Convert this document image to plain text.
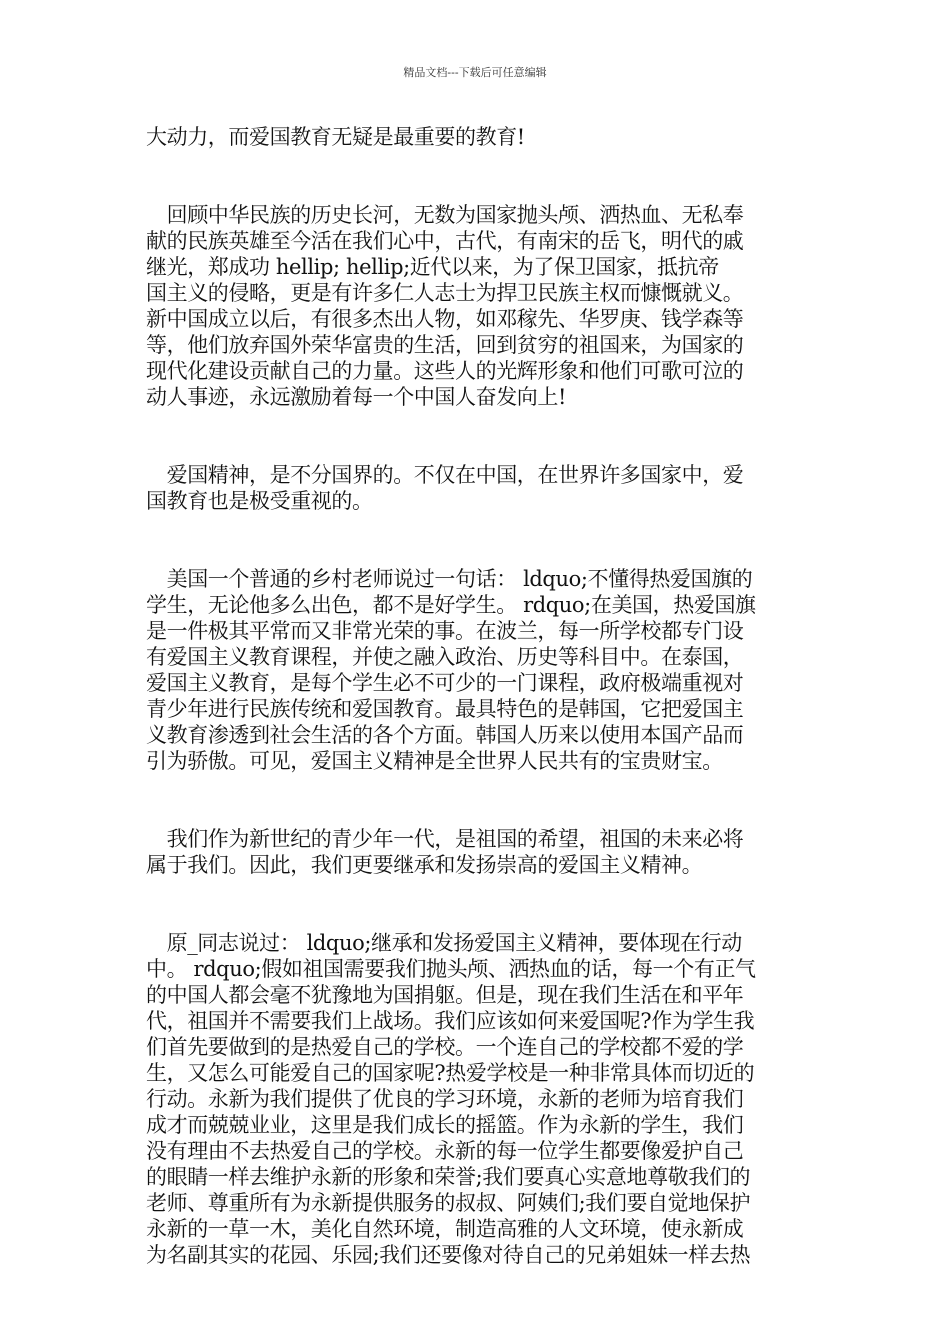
精品文档---下载后可任意编辑
大动力，而爱国教育无疑是最重要的教育!
　回顾中华民族的历史长河，无数为国家抛头颅、洒热血、无私奉
献的民族英雄至今活在我们心中，古代，有南宋的岳飞，明代的戚
继光，郑成功 hellip; hellip;近代以来，为了保卫国家，抵抗帝
国主义的侵略，更是有许多仁人志士为捍卫民族主权而慷慨就义。
新中国成立以后，有很多杰出人物，如邓稼先、华罗庚、钱学森等
等，他们放弃国外荣华富贵的生活，回到贫穷的祖国来，为国家的
现代化建设贡献自己的力量。这些人的光辉形象和他们可歌可泣的
动人事迹，永远激励着每一个中国人奋发向上!
　爱国精神，是不分国界的。不仅在中国，在世界许多国家中，爱
国教育也是极受重视的。
　美国一个普通的乡村老师说过一句话： ldquo;不懂得热爱国旗的
学生，无论他多么出色，都不是好学生。 rdquo;在美国，热爱国旗
是一件极其平常而又非常光荣的事。在波兰，每一所学校都专门设
有爱国主义教育课程，并使之融入政治、历史等科目中。在泰国，
爱国主义教育，是每个学生必不可少的一门课程，政府极端重视对
青少年进行民族传统和爱国教育。最具特色的是韩国，它把爱国主
义教育渗透到社会生活的各个方面。韩国人历来以使用本国产品而
引为骄傲。可见，爱国主义精神是全世界人民共有的宝贵财宝。
　我们作为新世纪的青少年一代，是祖国的希望，祖国的未来必将
属于我们。因此，我们更要继承和发扬崇高的爱国主义精神。
　原_同志说过： ldquo;继承和发扬爱国主义精神，要体现在行动
中。 rdquo;假如祖国需要我们抛头颅、洒热血的话，每一个有正气
的中国人都会毫不犹豫地为国捐躯。但是，现在我们生活在和平年
代，祖国并不需要我们上战场。我们应该如何来爱国呢?作为学生我
们首先要做到的是热爱自己的学校。一个连自己的学校都不爱的学
生，又怎么可能爱自己的国家呢?热爱学校是一种非常具体而切近的
行动。永新为我们提供了优良的学习环境，永新的老师为培育我们
成才而兢兢业业，这里是我们成长的摇篮。作为永新的学生，我们
没有理由不去热爱自己的学校。永新的每一位学生都要像爱护自己
的眼睛一样去维护永新的形象和荣誉;我们要真心实意地尊敬我们的
老师、尊重所有为永新提供服务的叔叔、阿姨们;我们要自觉地保护
永新的一草一木，美化自然环境，制造高雅的人文环境，使永新成
为名副其实的花园、乐园;我们还要像对待自己的兄弟姐妹一样去热
